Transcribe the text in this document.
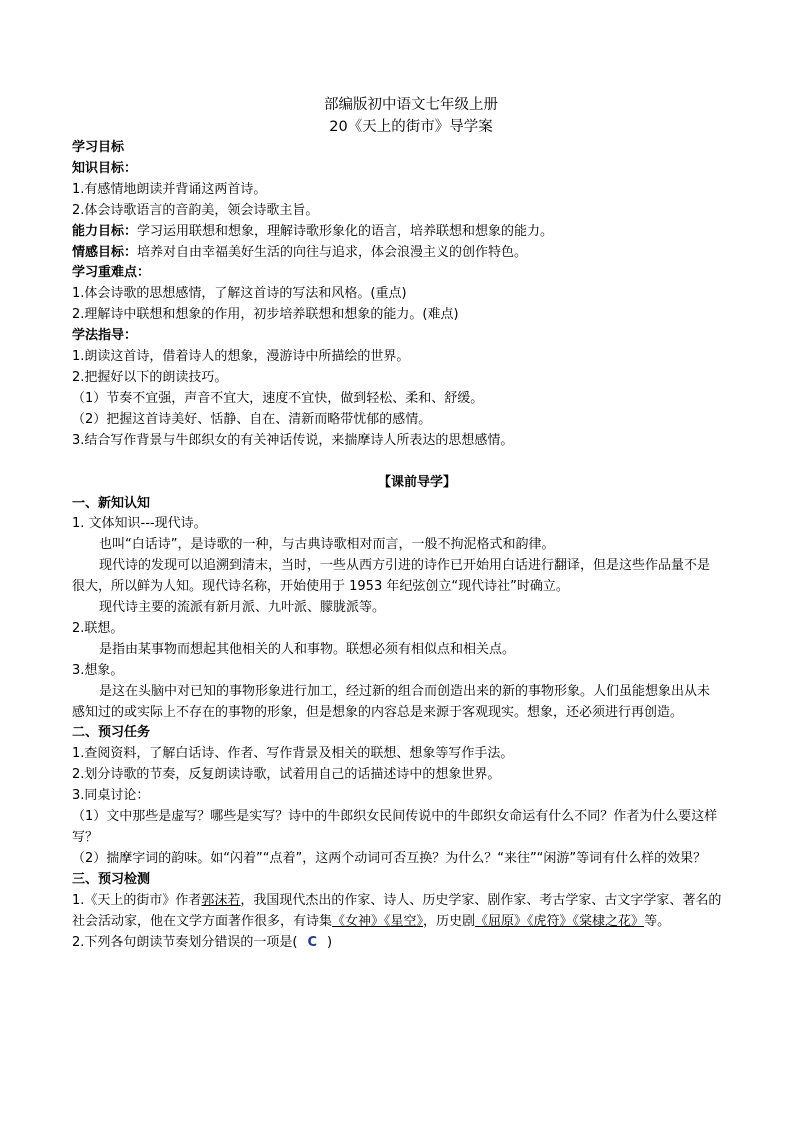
部编版初中语文七年级上册

20《天上的街市》导学案

学习目标

知识目标：

1.有感情地朗读并背诵这两首诗。

2.体会诗歌语言的音韵美，领会诗歌主旨。

能力目标：学习运用联想和想象，理解诗歌形象化的语言，培养联想和想象的能力。

情感目标：培养对自由幸福美好生活的向往与追求，体会浪漫主义的创作特色。

学习重难点：

1.体会诗歌的思想感情，了解这首诗的写法和风格。(重点)

2.理解诗中联想和想象的作用，初步培养联想和想象的能力。(难点)

学法指导：

1.朗读这首诗，借着诗人的想象，漫游诗中所描绘的世界。

2.把握好以下的朗读技巧。

（1）节奏不宜强，声音不宜大，速度不宜快，做到轻松、柔和、舒缓。

（2）把握这首诗美好、恬静、自在、清新而略带忧郁的感情。

3.结合写作背景与牛郎织女的有关神话传说，来揣摩诗人所表达的思想感情。

【课前导学】

一、新知认知

1. 文体知识---现代诗。

也叫“白话诗”，是诗歌的一种，与古典诗歌相对而言，一般不拘泥格式和韵律。

现代诗的发现可以追溯到清末，当时，一些从西方引进的诗作已开始用白话进行翻译，但是这些作品量不是很大，所以鲜为人知。现代诗名称，开始使用于 1953 年纪弦创立“现代诗社”时确立。

现代诗主要的流派有新月派、九叶派、朦胧派等。

2.联想。

是指由某事物而想起其他相关的人和事物。联想必须有相似点和相关点。

3.想象。

是这在头脑中对已知的事物形象进行加工，经过新的组合而创造出来的新的事物形象。人们虽能想象出从未感知过的或实际上不存在的事物的形象，但是想象的内容总是来源于客观现实。想象，还必须进行再创造。

二、预习任务

1.查阅资料，了解白话诗、作者、写作背景及相关的联想、想象等写作手法。

2.划分诗歌的节奏，反复朗读诗歌，试着用自己的话描述诗中的想象世界。

3.同桌讨论：

（1）文中那些是虚写？哪些是实写？诗中的牛郎织女民间传说中的牛郎织女命运有什么不同？作者为什么要这样写？

（2）揣摩字词的韵味。如“闪着”“点着”，这两个动词可否互换？为什么？“来往”“闲游”等词有什么样的效果？

三、预习检测

1.《天上的街市》作者郭沫若，我国现代杰出的作家、诗人、历史学家、剧作家、考古学家、古文字学家、著名的社会活动家，他在文学方面著作很多，有诗集《女神》《星空》，历史剧《屈原》《虎符》《棠棣之花》等。

2.下列各句朗读节奏划分错误的一项是( C )
